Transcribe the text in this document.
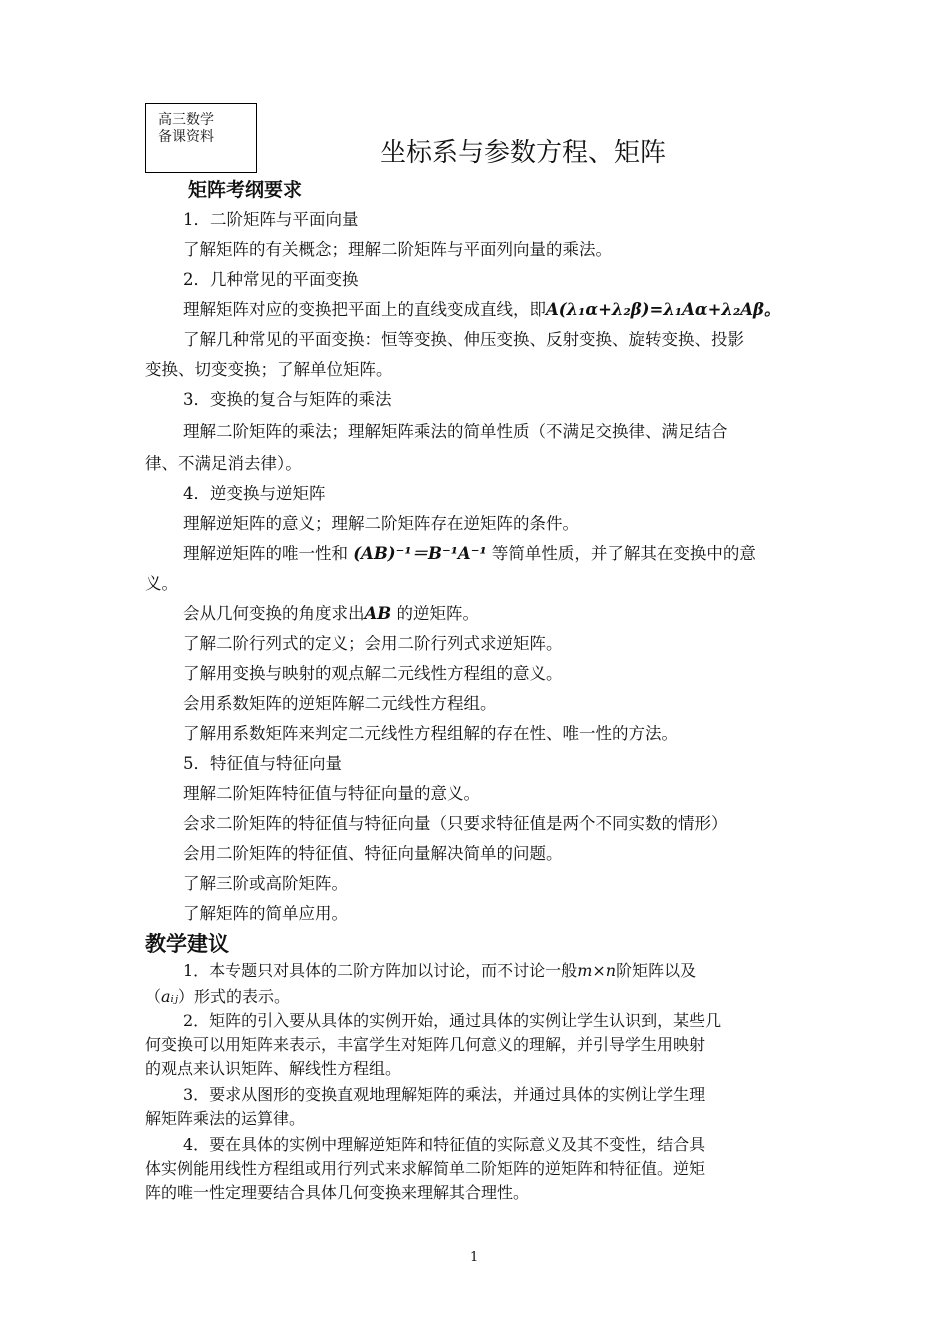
高三数学
备课资料
坐标系与参数方程、矩阵
矩阵考纲要求
1．二阶矩阵与平面向量
了解矩阵的有关概念；理解二阶矩阵与平面列向量的乘法。
2．几种常见的平面变换
理解矩阵对应的变换把平面上的直线变成直线，即A(λ₁α+λ₂β)=λ₁Aα+λ₂Aβ。
了解几种常见的平面变换：恒等变换、伸压变换、反射变换、旋转变换、投影
变换、切变变换；了解单位矩阵。
3．变换的复合与矩阵的乘法
理解二阶矩阵的乘法；理解矩阵乘法的简单性质（不满足交换律、满足结合
律、不满足消去律）。
4．逆变换与逆矩阵
理解逆矩阵的意义；理解二阶矩阵存在逆矩阵的条件。
理解逆矩阵的唯一性和 (AB)⁻¹＝B⁻¹A⁻¹ 等简单性质，并了解其在变换中的意
义。
会从几何变换的角度求出AB 的逆矩阵。
了解二阶行列式的定义；会用二阶行列式求逆矩阵。
了解用变换与映射的观点解二元线性方程组的意义。
会用系数矩阵的逆矩阵解二元线性方程组。
了解用系数矩阵来判定二元线性方程组解的存在性、唯一性的方法。
5．特征值与特征向量
理解二阶矩阵特征值与特征向量的意义。
会求二阶矩阵的特征值与特征向量（只要求特征值是两个不同实数的情形）
会用二阶矩阵的特征值、特征向量解决简单的问题。
了解三阶或高阶矩阵。
了解矩阵的简单应用。
教学建议
1．本专题只对具体的二阶方阵加以讨论，而不讨论一般m×n阶矩阵以及
（aᵢⱼ）形式的表示。
2．矩阵的引入要从具体的实例开始，通过具体的实例让学生认识到，某些几
何变换可以用矩阵来表示，丰富学生对矩阵几何意义的理解，并引导学生用映射
的观点来认识矩阵、解线性方程组。
3．要求从图形的变换直观地理解矩阵的乘法，并通过具体的实例让学生理
解矩阵乘法的运算律。
4．要在具体的实例中理解逆矩阵和特征值的实际意义及其不变性，结合具
体实例能用线性方程组或用行列式来求解简单二阶矩阵的逆矩阵和特征值。逆矩
阵的唯一性定理要结合具体几何变换来理解其合理性。
1
